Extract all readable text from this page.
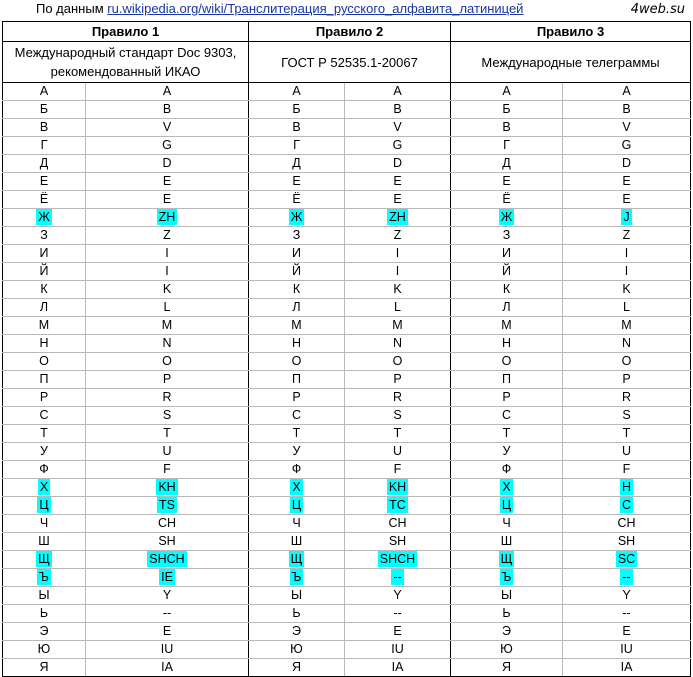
По данным ru.wikipedia.org/wiki/Транслитерация_русского_алфавита_латиницей	4web.su
Правило 1		Правило 2		Правило 3	
Международный стандарт Doc 9303, рекомендованный ИКАО		ГОСТ Р 52535.1-20067		Международные телеграммы	
А	A	А	A	А	A
Б	B	Б	B	Б	B
В	V	В	V	В	V
Г	G	Г	G	Г	G
Д	D	Д	D	Д	D
Е	E	Е	E	Е	E
Ё	E	Ё	E	Ё	E
Ж	ZH	Ж	ZH	Ж	J
З	Z	З	Z	З	Z
И	I	И	I	И	I
Й	I	Й	I	Й	I
К	K	К	K	К	K
Л	L	Л	L	Л	L
М	M	М	M	М	M
Н	N	Н	N	Н	N
О	O	О	O	О	O
П	P	П	P	П	P
Р	R	Р	R	Р	R
С	S	С	S	С	S
Т	T	Т	T	Т	T
У	U	У	U	У	U
Ф	F	Ф	F	Ф	F
Х	KH	Х	KH	Х	H
Ц	TS	Ц	TC	Ц	C
Ч	CH	Ч	CH	Ч	CH
Ш	SH	Ш	SH	Ш	SH
Щ	SHCH	Щ	SHCH	Щ	SC
Ъ	IE	Ъ	--	Ъ	--
Ы	Y	Ы	Y	Ы	Y
Ь	--	Ь	--	Ь	--
Э	E	Э	E	Э	E
Ю	IU	Ю	IU	Ю	IU
Я	IA	Я	IA	Я	IA
